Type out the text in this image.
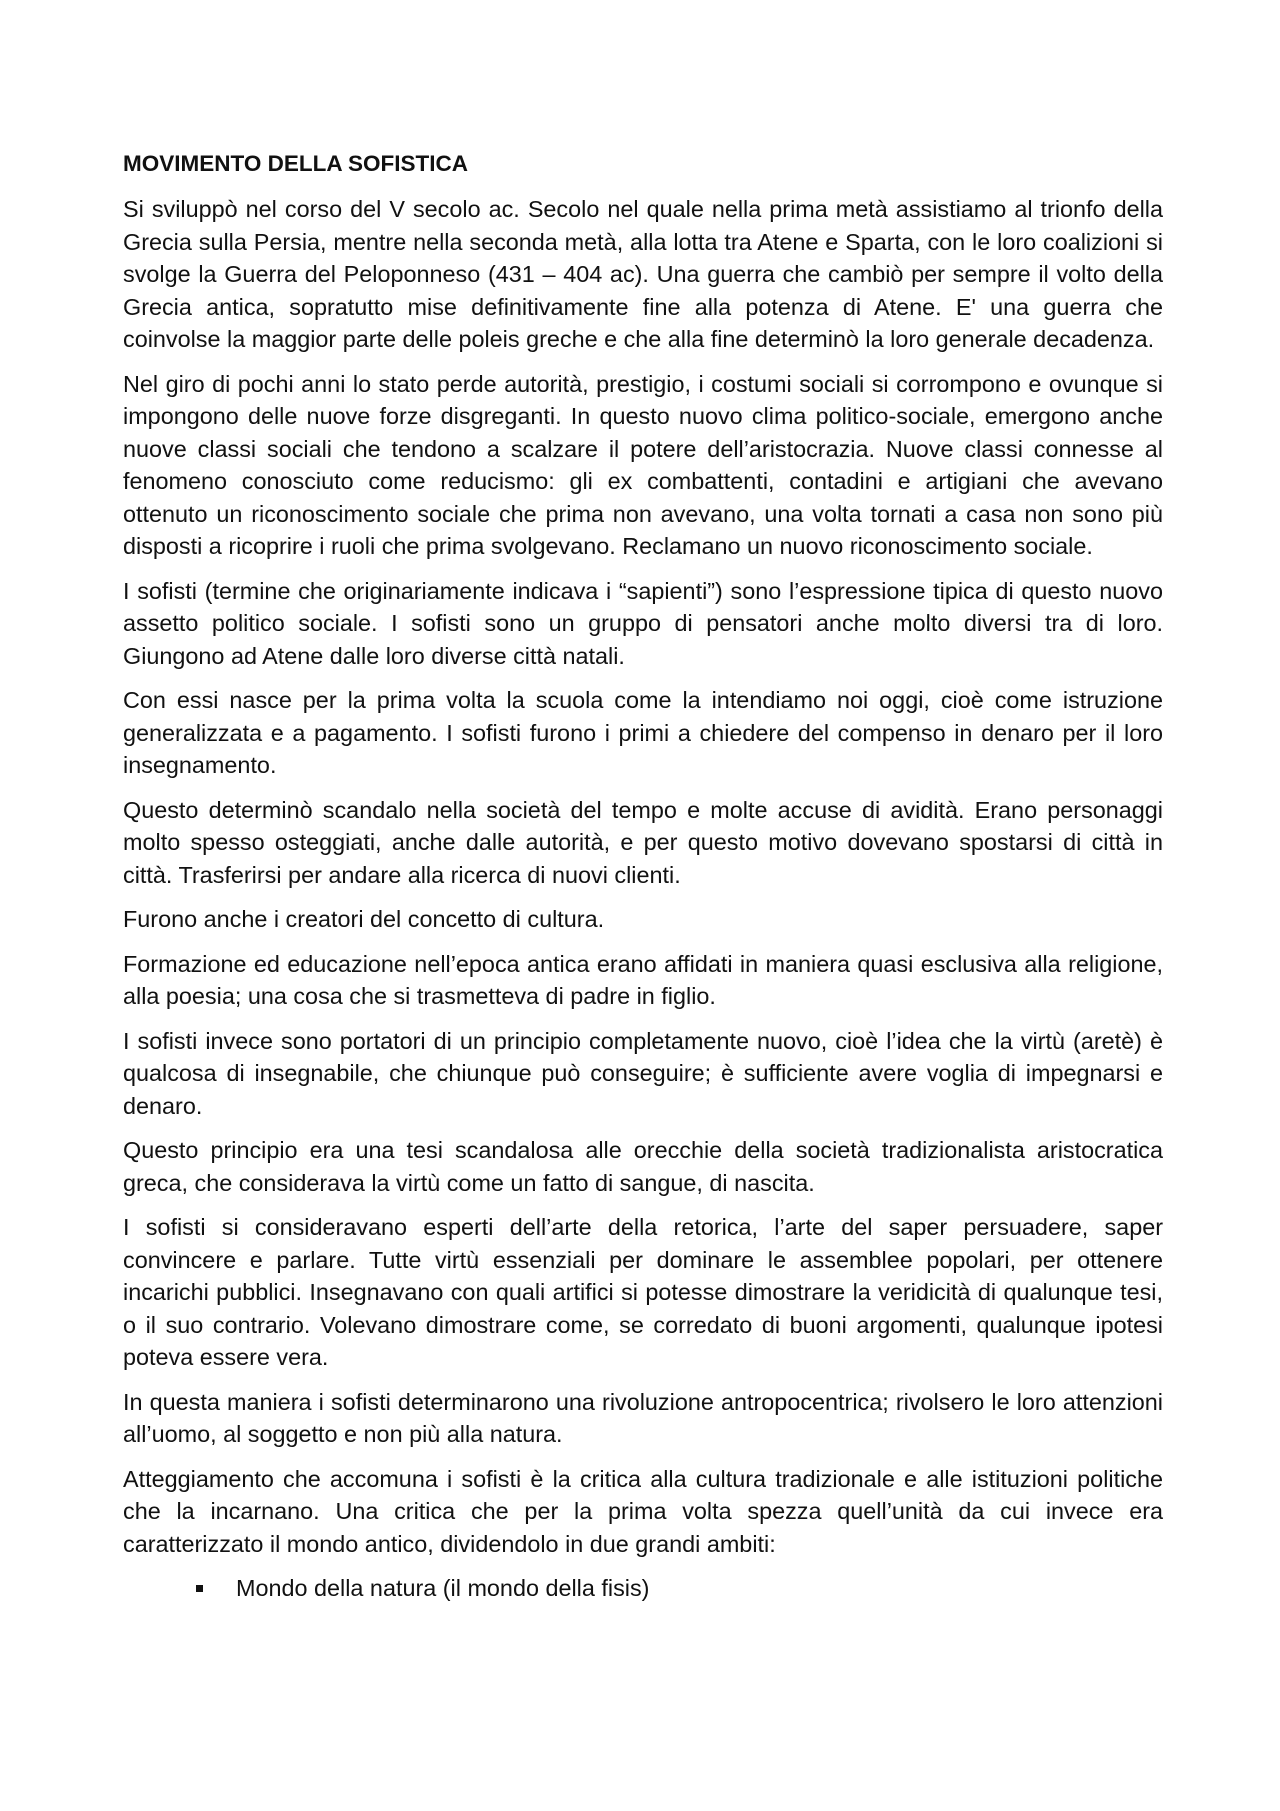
MOVIMENTO DELLA SOFISTICA

Si sviluppò nel corso del V secolo ac. Secolo nel quale nella prima metà assistiamo al trionfo della Grecia sulla Persia, mentre nella seconda metà, alla lotta tra Atene e Sparta, con le loro coalizioni si svolge la Guerra del Peloponneso (431 – 404 ac). Una guerra che cambiò per sempre il volto della Grecia antica, sopratutto mise definitivamente fine alla potenza di Atene. E' una guerra che coinvolse la maggior parte delle poleis greche e che alla fine determinò la loro generale decadenza.

Nel giro di pochi anni lo stato perde autorità, prestigio, i costumi sociali si corrompono e ovunque si impongono delle nuove forze disgreganti. In questo nuovo clima politico-sociale, emergono anche nuove classi sociali che tendono a scalzare il potere dell’aristocrazia. Nuove classi connesse al fenomeno conosciuto come reducismo: gli ex combattenti, contadini e artigiani che avevano ottenuto un riconoscimento sociale che prima non avevano, una volta tornati a casa non sono più disposti a ricoprire i ruoli che prima svolgevano. Reclamano un nuovo riconoscimento sociale.

I sofisti (termine che originariamente indicava i “sapienti”) sono l’espressione tipica di questo nuovo assetto politico sociale. I sofisti sono un gruppo di pensatori anche molto diversi tra di loro. Giungono ad Atene dalle loro diverse città natali.

Con essi nasce per la prima volta la scuola come la intendiamo noi oggi, cioè come istruzione generalizzata e a pagamento. I sofisti furono i primi a chiedere del compenso in denaro per il loro insegnamento.

Questo determinò scandalo nella società del tempo e molte accuse di avidità. Erano personaggi molto spesso osteggiati, anche dalle autorità, e per questo motivo dovevano spostarsi di città in città. Trasferirsi per andare alla ricerca di nuovi clienti.

Furono anche i creatori del concetto di cultura.

Formazione ed educazione nell’epoca antica erano affidati in maniera quasi esclusiva alla religione, alla poesia; una cosa che si trasmetteva di padre in figlio.

I sofisti invece sono portatori di un principio completamente nuovo, cioè l’idea che la virtù (aretè) è qualcosa di insegnabile, che chiunque può conseguire; è sufficiente avere voglia di impegnarsi e denaro.

Questo principio era una tesi scandalosa alle orecchie della società tradizionalista aristocratica greca, che considerava la virtù come un fatto di sangue, di nascita.

I sofisti si consideravano esperti dell’arte della retorica, l’arte del saper persuadere, saper convincere e parlare. Tutte virtù essenziali per dominare le assemblee popolari, per ottenere incarichi pubblici. Insegnavano con quali artifici si potesse dimostrare la veridicità di qualunque tesi, o il suo contrario. Volevano dimostrare come, se corredato di buoni argomenti, qualunque ipotesi poteva essere vera.

In questa maniera i sofisti determinarono una rivoluzione antropocentrica; rivolsero le loro attenzioni all’uomo, al soggetto e non più alla natura.

Atteggiamento che accomuna i sofisti è la critica alla cultura tradizionale e alle istituzioni politiche che la incarnano. Una critica che per la prima volta spezza quell’unità da cui invece era caratterizzato il mondo antico, dividendolo in due grandi ambiti:

Mondo della natura (il mondo della fisis)
